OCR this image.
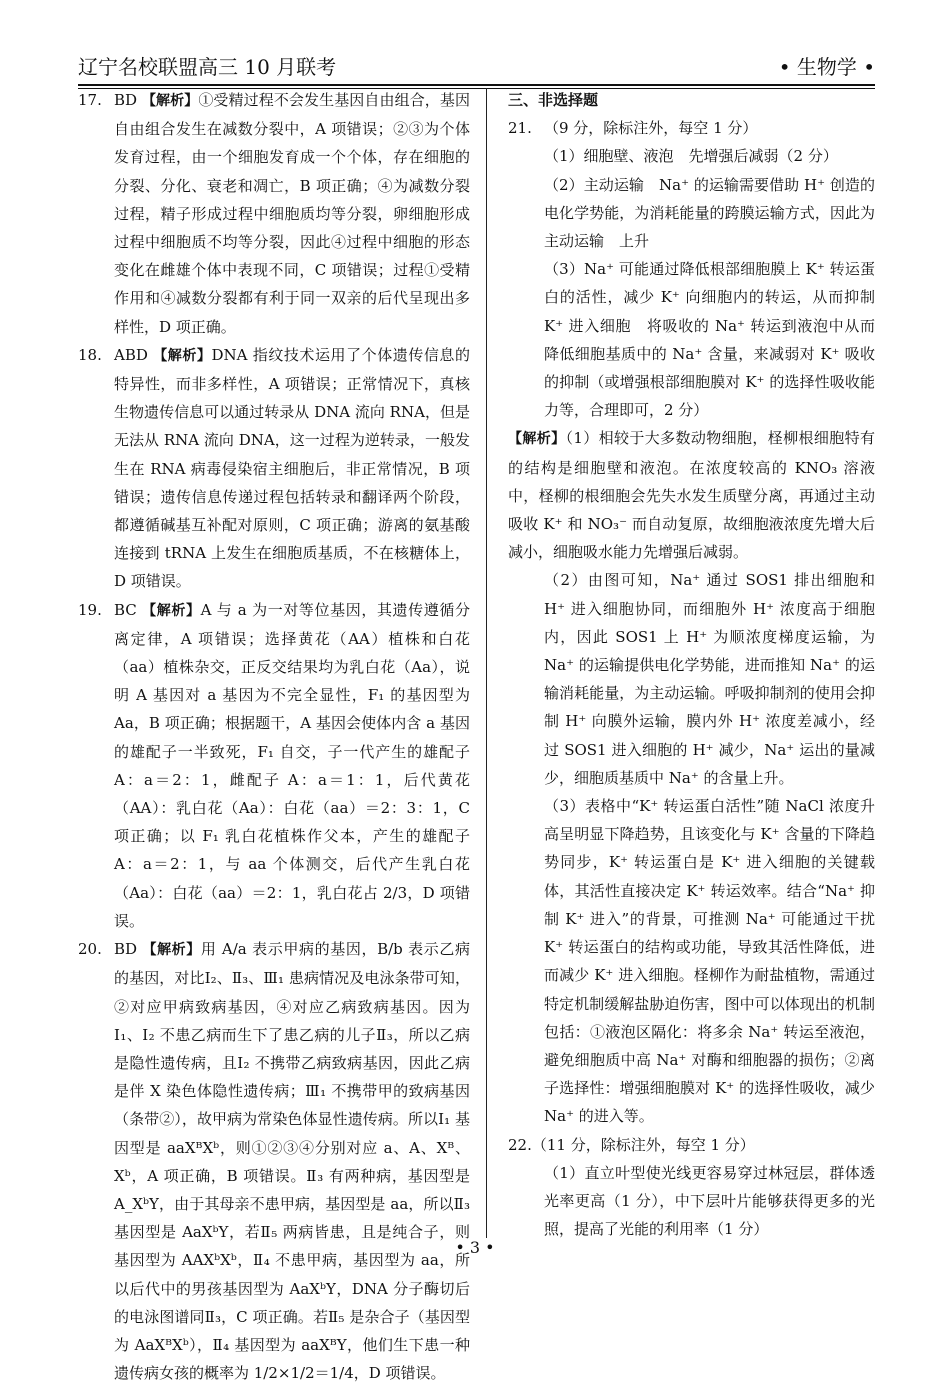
辽宁名校联盟高三 10 月联考	• 生物学 •

17. BD 【解析】①受精过程不会发生基因自由组合，基因自由组合发生在减数分裂中，A 项错误；②③为个体发育过程，由一个细胞发育成一个个体，存在细胞的分裂、分化、衰老和凋亡，B 项正确；④为减数分裂过程，精子形成过程中细胞质均等分裂，卵细胞形成过程中细胞质不均等分裂，因此④过程中细胞的形态变化在雌雄个体中表现不同，C 项错误；过程①受精作用和④减数分裂都有利于同一双亲的后代呈现出多样性，D 项正确。

18. ABD 【解析】DNA 指纹技术运用了个体遗传信息的特异性，而非多样性，A 项错误；正常情况下，真核生物遗传信息可以通过转录从 DNA 流向 RNA，但是无法从 RNA 流向 DNA，这一过程为逆转录，一般发生在 RNA 病毒侵染宿主细胞后，非正常情况，B 项错误；遗传信息传递过程包括转录和翻译两个阶段，都遵循碱基互补配对原则，C 项正确；游离的氨基酸连接到 tRNA 上发生在细胞质基质，不在核糖体上，D 项错误。

19. BC 【解析】A 与 a 为一对等位基因，其遗传遵循分离定律，A 项错误；选择黄花（AA）植株和白花（aa）植株杂交，正反交结果均为乳白花（Aa），说明 A 基因对 a 基因为不完全显性，F₁ 的基因型为 Aa，B 项正确；根据题干，A 基因会使体内含 a 基因的雄配子一半致死，F₁ 自交，子一代产生的雄配子 A：a＝2：1，雌配子 A：a＝1：1，后代黄花（AA）：乳白花（Aa）：白花（aa）＝2：3：1，C 项正确；以 F₁ 乳白花植株作父本，产生的雄配子 A：a＝2：1，与 aa 个体测交，后代产生乳白花（Aa）：白花（aa）＝2：1，乳白花占 2/3，D 项错误。

20. BD 【解析】用 A/a 表示甲病的基因，B/b 表示乙病的基因，对比Ⅰ₂、Ⅱ₃、Ⅲ₁ 患病情况及电泳条带可知，②对应甲病致病基因，④对应乙病致病基因。因为Ⅰ₁、Ⅰ₂ 不患乙病而生下了患乙病的儿子Ⅱ₃，所以乙病是隐性遗传病，且Ⅰ₂ 不携带乙病致病基因，因此乙病是伴 X 染色体隐性遗传病；Ⅲ₁ 不携带甲的致病基因（条带②），故甲病为常染色体显性遗传病。所以Ⅰ₁ 基因型是 aaXᴮXᵇ，则①②③④分别对应 a、A、Xᴮ、Xᵇ，A 项正确，B 项错误。Ⅱ₃ 有两种病，基因型是 A_XᵇY，由于其母亲不患甲病，基因型是 aa，所以Ⅱ₃ 基因型是 AaXᵇY，若Ⅱ₅ 两病皆患，且是纯合子，则基因型为 AAXᵇXᵇ，Ⅱ₄ 不患甲病，基因型为 aa，所以后代中的男孩基因型为 AaXᵇY，DNA 分子酶切后的电泳图谱同Ⅱ₃，C 项正确。若Ⅱ₅ 是杂合子（基因型为 AaXᴮXᵇ），Ⅱ₄ 基因型为 aaXᴮY，他们生下患一种遗传病女孩的概率为 1/2×1/2＝1/4，D 项错误。

三、非选择题

21. （9 分，除标注外，每空 1 分）

（1）细胞壁、液泡　先增强后减弱（2 分）

（2）主动运输　Na⁺ 的运输需要借助 H⁺ 创造的电化学势能，为消耗能量的跨膜运输方式，因此为主动运输　上升

（3）Na⁺ 可能通过降低根部细胞膜上 K⁺ 转运蛋白的活性，减少 K⁺ 向细胞内的转运，从而抑制 K⁺ 进入细胞　将吸收的 Na⁺ 转运到液泡中从而降低细胞基质中的 Na⁺ 含量，来减弱对 K⁺ 吸收的抑制（或增强根部细胞膜对 K⁺ 的选择性吸收能力等，合理即可，2 分）

【解析】（1）相较于大多数动物细胞，柽柳根细胞特有的结构是细胞壁和液泡。在浓度较高的 KNO₃ 溶液中，柽柳的根细胞会先失水发生质壁分离，再通过主动吸收 K⁺ 和 NO₃⁻ 而自动复原，故细胞液浓度先增大后减小，细胞吸水能力先增强后减弱。

（2）由图可知，Na⁺ 通过 SOS1 排出细胞和 H⁺ 进入细胞协同，而细胞外 H⁺ 浓度高于细胞内，因此 SOS1 上 H⁺ 为顺浓度梯度运输，为 Na⁺ 的运输提供电化学势能，进而推知 Na⁺ 的运输消耗能量，为主动运输。呼吸抑制剂的使用会抑制 H⁺ 向膜外运输，膜内外 H⁺ 浓度差减小，经过 SOS1 进入细胞的 H⁺ 减少，Na⁺ 运出的量减少，细胞质基质中 Na⁺ 的含量上升。

（3）表格中“K⁺ 转运蛋白活性”随 NaCl 浓度升高呈明显下降趋势，且该变化与 K⁺ 含量的下降趋势同步，K⁺ 转运蛋白是 K⁺ 进入细胞的关键载体，其活性直接决定 K⁺ 转运效率。结合“Na⁺ 抑制 K⁺ 进入”的背景，可推测 Na⁺ 可能通过干扰 K⁺ 转运蛋白的结构或功能，导致其活性降低，进而减少 K⁺ 进入细胞。柽柳作为耐盐植物，需通过特定机制缓解盐胁迫伤害，图中可以体现出的机制包括：①液泡区隔化：将多余 Na⁺ 转运至液泡，避免细胞质中高 Na⁺ 对酶和细胞器的损伤；②离子选择性：增强细胞膜对 K⁺ 的选择性吸收，减少 Na⁺ 的进入等。

22.（11 分，除标注外，每空 1 分）

（1）直立叶型使光线更容易穿过林冠层，群体透光率更高（1 分），中下层叶片能够获得更多的光照，提高了光能的利用率（1 分）

• 3 •
